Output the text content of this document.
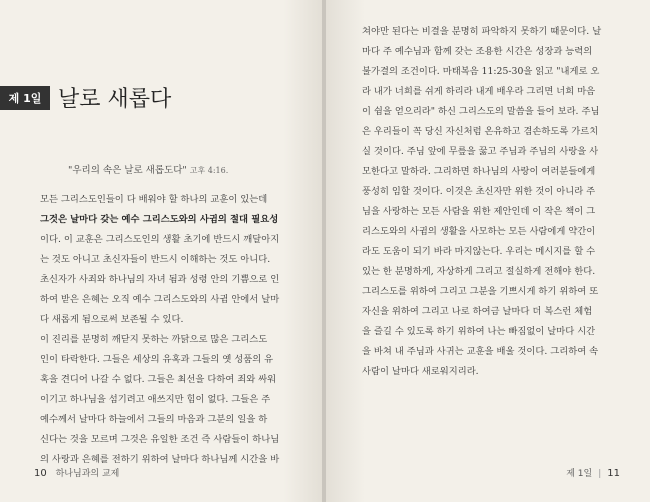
제 1일 날로 새롭다
"우리의 속은 날로 새롭도다" 고후 4:16.
모든 그리스도인들이 다 배워야 할 하나의 교훈이 있는데
그것은 날마다 갖는 예수 그리스도와의 사귐의 절대 필요성
이다. 이 교훈은 그리스도인의 생활 초기에 반드시 깨달아지
는 것도 아니고 초신자들이 반드시 이해하는 것도 아니다.
초신자가 사죄와 하나님의 자녀 됨과 성령 안의 기쁨으로 인
하여 받은 은혜는 오직 예수 그리스도와의 사귐 안에서 날마
다 새롭게 됨으로써 보존될 수 있다.
이 진리를 분명히 깨닫지 못하는 까닭으로 많은 그리스도
인이 타락한다. 그들은 세상의 유혹과 그들의 옛 성품의 유
혹을 견디어 나갈 수 없다. 그들은 최선을 다하여 죄와 싸워
이기고 하나님을 섬기려고 애쓰지만 힘이 없다. 그들은 주
예수께서 날마다 하늘에서 그들의 마음과 그분의 일을 하
신다는 것을 모르며 그것은 유일한 조건 즉 사람들이 하나님
의 사랑과 은혜를 전하기 위하여 날마다 하나님께 시간을 바
10 하나님과의 교제
쳐야만 된다는 비결을 분명히 파악하지 못하기 때문이다. 날
마다 주 예수님과 함께 갖는 조용한 시간은 성장과 능력의
불가결의 조건이다. 마태복음 11:25-30을 읽고 "내게로 오
라 내가 너희를 쉬게 하리라 내게 배우라 그리면 너희 마음
이 쉼을 얻으리라" 하신 그리스도의 말씀을 들어 보라. 주님
은 우리들이 꼭 당신 자신처럼 온유하고 겸손하도록 가르치
실 것이다. 주님 앞에 무릎을 꿇고 주님과 주님의 사랑을 사
모한다고 말하라. 그리하면 하나님의 사랑이 여러분들에게
풍성히 임할 것이다. 이것은 초신자만 위한 것이 아니라 주
님을 사랑하는 모든 사람을 위한 제안인데 이 작은 책이 그
리스도와의 사귐의 생활을 사모하는 모든 사람에게 약간이
라도 도움이 되기 바라 마지않는다. 우리는 메시지를 할 수
있는 한 분명하게, 자상하게 그리고 절실하게 전해야 한다.
그리스도를 위하여 그리고 그분을 기쁘시게 하기 위하여 또
자신을 위하여 그리고 나로 하여금 날마다 더 복스런 체험
을 즐길 수 있도록 하기 위하여 나는 빠짐없이 날마다 시간
을 바쳐 내 주님과 사귀는 교훈을 배울 것이다. 그리하여 속
사람이 날마다 새로워지리라.
제 1일 | 11
